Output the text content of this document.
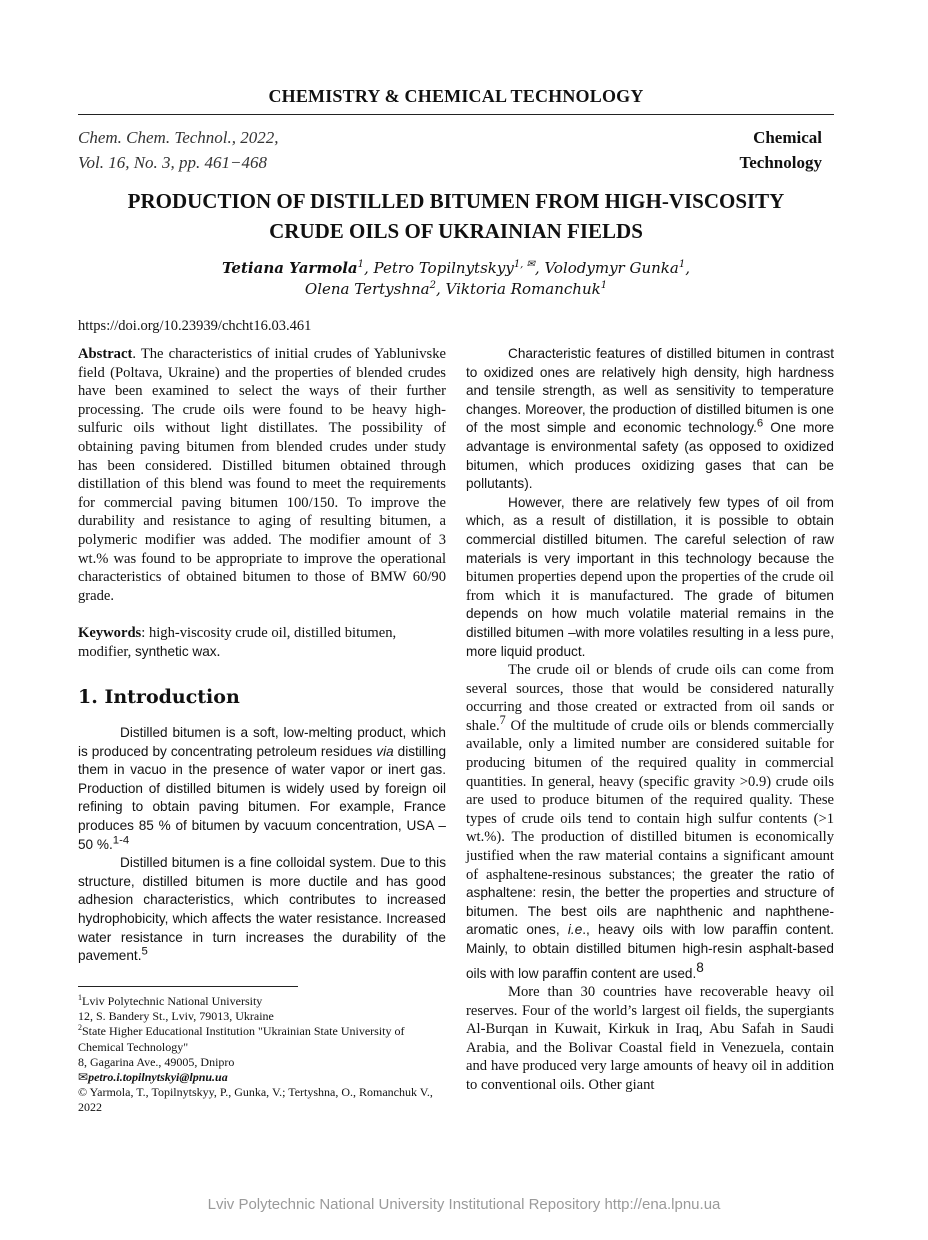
CHEMISTRY & CHEMICAL TECHNOLOGY
Chem. Chem. Technol., 2022,
Vol. 16, No. 3, pp. 461−468
Chemical
Technology
PRODUCTION OF DISTILLED BITUMEN FROM HIGH-VISCOSITY
CRUDE OILS OF UKRAINIAN FIELDS
Tetiana Yarmola$^1$, Petro Topilnytskyy$^{1, ✉}$, Volodymyr Gunka$^1$,
Olena Tertyshna$^2$, Viktoria Romanchuk$^1$
https://doi.org/10.23939/chcht16.03.461

Abstract. The characteristics of initial crudes of Yablunivske field (Poltava, Ukraine) and the properties of blended crudes have been examined to select the ways of their further processing. The crude oils were found to be heavy high-sulfuric oils without light distillates. The possibility of obtaining paving bitumen from blended crudes under study has been considered. Distilled bitumen obtained through distillation of this blend was found to meet the requirements for commercial paving bitumen 100/150. To improve the durability and resistance to aging of resulting bitumen, a polymeric modifier was added. The modifier amount of 3 wt.% was found to be appropriate to improve the operational characteristics of obtained bitumen to those of BMW 60/90 grade.

Keywords: high-viscosity crude oil, distilled bitumen, modifier, synthetic wax.

1. Introduction

Distilled bitumen is a soft, low-melting product, which is produced by concentrating petroleum residues via distilling them in vacuo in the presence of water vapor or inert gas. Production of distilled bitumen is widely used by foreign oil refining to obtain paving bitumen. For example, France produces 85 % of bitumen by vacuum concentration, USA – 50 %.$^{1-4}$

Distilled bitumen is a fine colloidal system. Due to this structure, distilled bitumen is more ductile and has good adhesion characteristics, which contributes to increased hydrophobicity, which affects the water resistance. Increased water resistance in turn increases the durability of the pavement.$^5$

Characteristic features of distilled bitumen in contrast to oxidized ones are relatively high density, high hardness and tensile strength, as well as sensitivity to temperature changes. Moreover, the production of distilled bitumen is one of the most simple and economic technology.$^6$ One more advantage is environmental safety (as opposed to oxidized bitumen, which produces oxidizing gases that can be pollutants).

However, there are relatively few types of oil from which, as a result of distillation, it is possible to obtain commercial distilled bitumen. The careful selection of raw materials is very important in this technology because the bitumen properties depend upon the properties of the crude oil from which it is manufactured. The grade of bitumen depends on how much volatile material remains in the distilled bitumen –with more volatiles resulting in a less pure, more liquid product.

The crude oil or blends of crude oils can come from several sources, those that would be considered naturally occurring and those created or extracted from oil sands or shale.$^7$ Of the multitude of crude oils or blends commercially available, only a limited number are considered suitable for producing bitumen of the required quality in commercial quantities. In general, heavy (specific gravity >0.9) crude oils are used to produce bitumen of the required quality. These types of crude oils tend to contain high sulfur contents (>1 wt.%). The production of distilled bitumen is economically justified when the raw material contains a significant amount of asphaltene-resinous substances; the greater the ratio of asphaltene: resin, the better the properties and structure of bitumen. The best oils are naphthenic and naphthene-aromatic ones, i.e., heavy oils with low paraffin content. Mainly, to obtain distilled bitumen high-resin asphalt-based oils with low paraffin content are used.$^8$

More than 30 countries have recoverable heavy oil reserves. Four of the world’s largest oil fields, the supergiants Al-Burqan in Kuwait, Kirkuk in Iraq, Abu Safah in Saudi Arabia, and the Bolivar Coastal field in Venezuela, contain and have produced very large amounts of heavy oil in addition to conventional oils. Other giant

$^1$Lviv Polytechnic National University
12, S. Bandery St., Lviv, 79013, Ukraine
$^2$State Higher Educational Institution "Ukrainian State University of Chemical Technology"
8, Gagarina Ave., 49005, Dnipro
✉petro.i.topilnytskyi@lpnu.ua
© Yarmola, T., Topilnytskyy, P., Gunka, V.; Tertyshna, O., Romanchuk V., 2022
Lviv Polytechnic National University Institutional Repository http://ena.lpnu.ua
